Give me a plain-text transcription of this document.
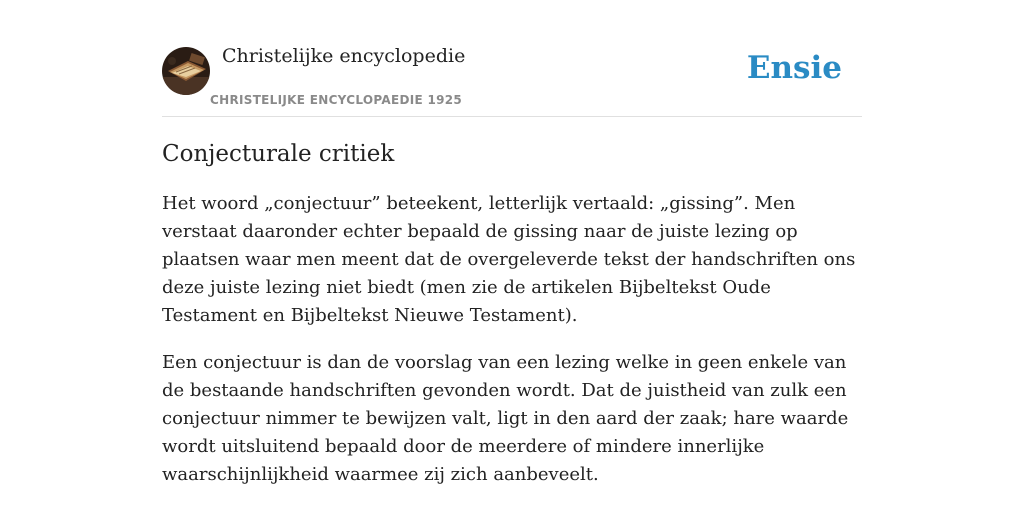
Christelijke encyclopedie
CHRISTELIJKE ENCYCLOPAEDIE 1925
Ensie
Conjecturale critiek

Het woord „conjectuur” beteekent, letterlijk vertaald: „gissing”. Men verstaat daaronder echter bepaald de gissing naar de juiste lezing op plaatsen waar men meent dat de overgeleverde tekst der handschriften ons deze juiste lezing niet biedt (men zie de artikelen Bijbeltekst Oude Testament en Bijbeltekst Nieuwe Testament).

Een conjectuur is dan de voorslag van een lezing welke in geen enkele van de bestaande handschriften gevonden wordt. Dat de juistheid van zulk een conjectuur nimmer te bewijzen valt, ligt in den aard der zaak; hare waarde wordt uitsluitend bepaald door de meerdere of mindere innerlijke waarschijnlijkheid waarmee zij zich aanbeveelt.
